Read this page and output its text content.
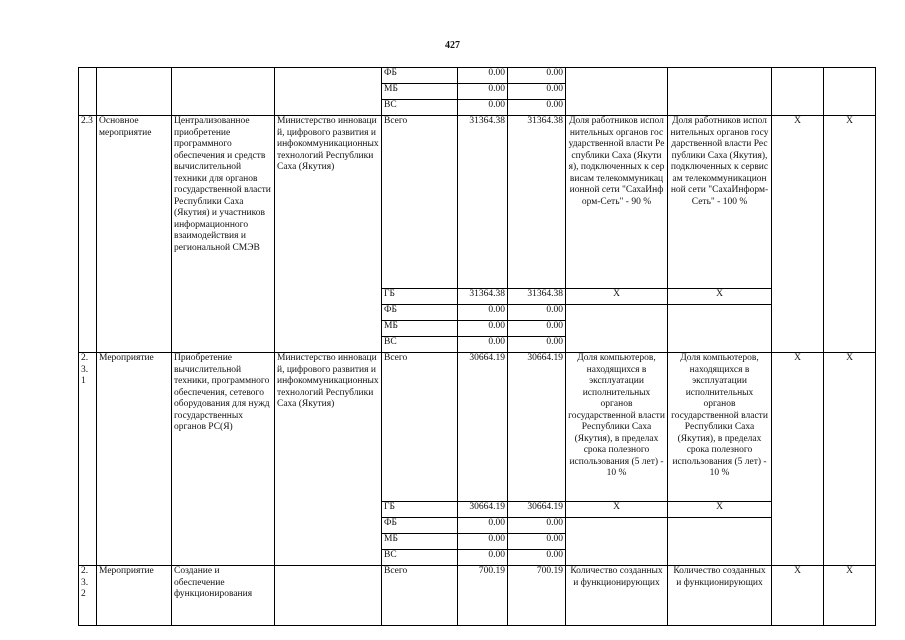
427
				ФБ	0.00	0.00				
				МБ	0.00	0.00				
				ВС	0.00	0.00				
2.3	Основное мероприятие	Централизованное приобретение программного обеспечения и средств вычислительной техники для органов государственной власти Республики Саха (Якутия) и участников информационного взаимодействия и региональной СМЭВ	Министерство инноваций, цифрового развития и инфокоммуникационных технологий Республики Саха (Якутия)	Всего	31364.38	31364.38	Доля работников исполнительных органов государственной власти Республики Саха (Якутия), подключенных к сервисам телекоммуникационной сети "СахаИнформ-Сеть" - 90 %	Доля работников исполнительных органов государственной власти Республики Саха (Якутия), подключенных к сервисам телекоммуникационной сети "СахаИнформ-Сеть" - 100 %	Х	Х
				ГБ	31364.38	31364.38	Х	Х		
				ФБ	0.00	0.00				
				МБ	0.00	0.00				
				ВС	0.00	0.00				
2.3. 1	Мероприятие	Приобретение вычислительной техники, программного обеспечения, сетевого оборудования для нужд государственных органов РС(Я)	Министерство инноваций, цифрового развития и инфокоммуникационных технологий Республики Саха (Якутия)	Всего	30664.19	30664.19	Доля компьютеров, находящихся в эксплуатации исполнительных органов государственной власти Республики Саха (Якутия), в пределах срока полезного использования (5 лет) - 10 %	Доля компьютеров, находящихся в эксплуатации исполнительных органов государственной власти Республики Саха (Якутия), в пределах срока полезного использования (5 лет) - 10 %	Х	Х
				ГБ	30664.19	30664.19	Х	Х		
				ФБ	0.00	0.00				
				МБ	0.00	0.00				
				ВС	0.00	0.00				
2.3. 2	Мероприятие	Создание и обеспечение функционирования		Всего	700.19	700.19	Количество созданных и функционирующих	Количество созданных и функционирующих	Х	Х
